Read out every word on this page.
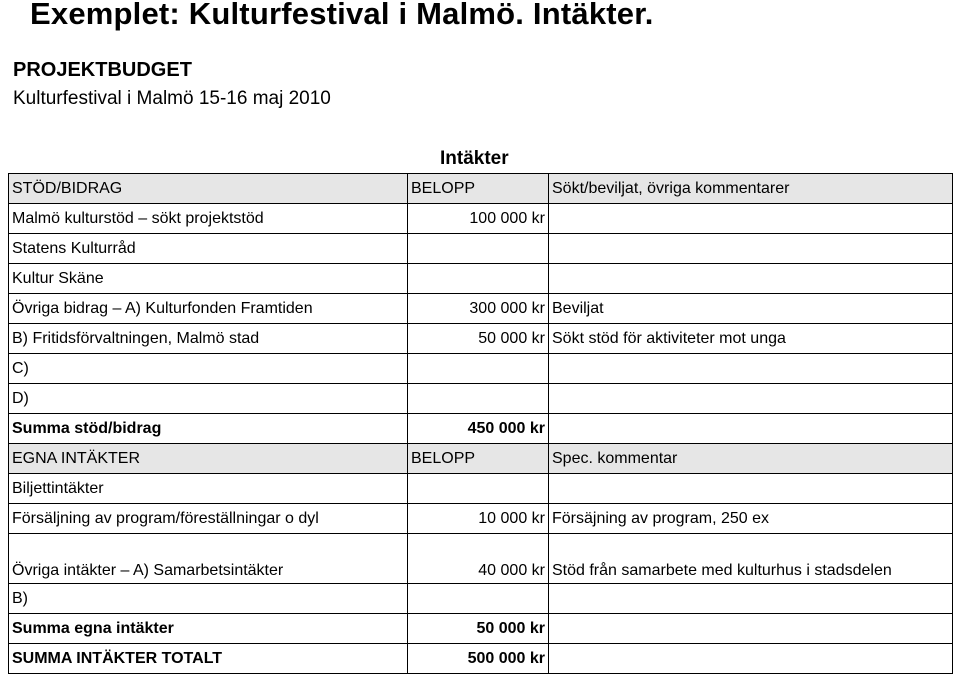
Exemplet: Kulturfestival i Malmö. Intäkter.
PROJEKTBUDGET
Kulturfestival i Malmö 15-16 maj 2010
Intäkter
STÖD/BIDRAG	BELOPP	Sökt/beviljat, övriga kommentarer
Malmö kulturstöd – sökt projektstöd	100 000 kr	
Statens Kulturråd		
Kultur Skäne		
Övriga bidrag – A) Kulturfonden Framtiden	300 000 kr	Beviljat
B) Fritidsförvaltningen, Malmö stad	50 000 kr	Sökt stöd för aktiviteter mot unga
C)		
D)		
Summa stöd/bidrag	450 000 kr	
EGNA INTÄKTER	BELOPP	Spec. kommentar
Biljettintäkter		
Försäljning av program/föreställningar o dyl	10 000 kr	Försäjning av program, 250 ex
Övriga intäkter – A) Samarbetsintäkter	40 000 kr	Stöd från samarbete med kulturhus i stadsdelen
B)		
Summa egna intäkter	50 000 kr	
SUMMA INTÄKTER TOTALT	500 000 kr	
